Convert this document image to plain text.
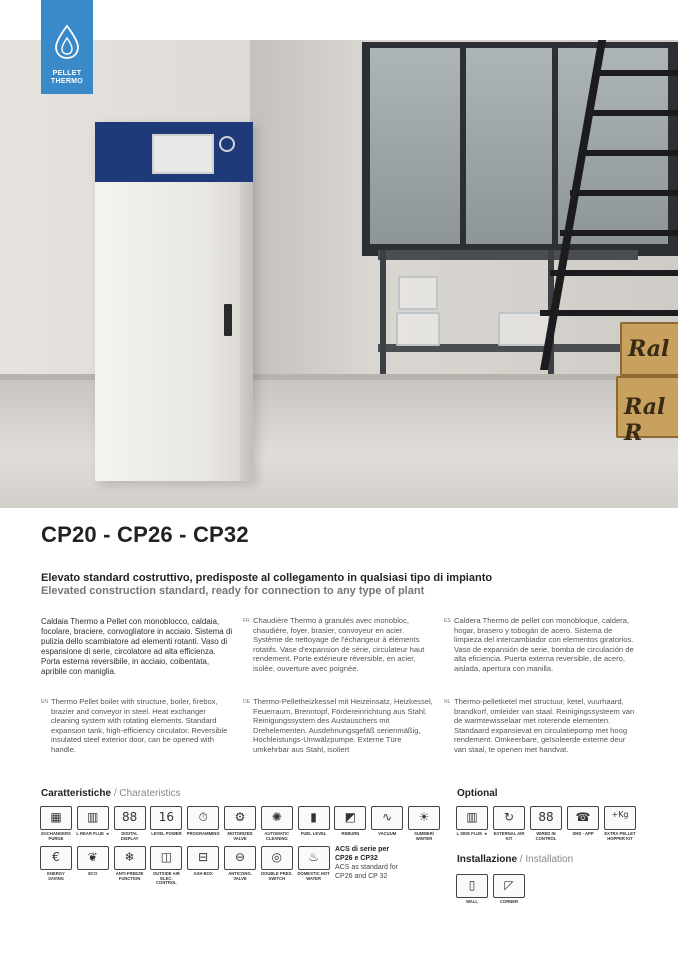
Ral
Ral R
PELLET
THERMO
CP20 - CP26 - CP32
Elevato standard costruttivo, predisposte al collegamento in qualsiasi tipo di impianto
Elevated construction standard, ready for connection to any type of plant
Caldaia Thermo a Pellet con monoblocco, caldaia, focolare, braciere, convogliatore in acciaio. Sistema di pulizia dello scambiatore ad elementi rotanti. Vaso di espansione di serie, circolatore ad alta efficienza. Porta esterna reversibile, in acciaio, coibentata, apribile con maniglia.
EN Thermo Pellet boiler with structure, boiler, firebox, brazier and conveyor in steel. Heat exchanger cleaning system with rotating elements. Standard expansion tank, high-efficiency circulator. Reversible insulated steel exterior door, can be opened with handle.
FR Chaudière Thermo à granulés avec monobloc, chaudière, foyer, brasier, convoyeur en acier. Système de nettoyage de l'échangeur à éléments rotatifs. Vase d'expansion de série, circulateur haut rendement. Porte extérieure réversible, en acier, isolée, ouverture avec poignée.
DE Thermo-Pelletheizkessel mit Heizeinsatz, Heizkessel, Feuerraum, Brenntopf, Fördereinrichtung aus Stahl. Reinigungssystem des Austauschers mit Drehelementen. Ausdehnungsgefäß serienmäßig, Hochleistungs-Umwälzpumpe. Externe Türe umkehrbar aus Stahl, isoliert
ES Caldera Thermo de pellet con monobloque, caldera, hogar, brasero y tobogán de acero. Sistema de limpieza del intercambiador con elementos giratorios. Vaso de expansión de serie, bomba de circulación de alta eficiencia. Puerta externa reversible, de acero, aislada, apertura con manilla.
NL Thermo-pelletketel met structuur, ketel, vuurhaard, brandkorf, omleider van staal. Reinigingssysteem van de warmtewisselaar met roterende elementen. Standaard expansievat en circulatiepomp met hoog rendement. Omkeerbare, geïsoleerde externe deur van staal, te openen met handvat.
Caratteristiche / Charateristics
▦
EXCHANGERS PURGE
▥
L REAR FLUE ◄
88
DIGITAL DISPLAY
16
LEVEL POWER
⏱
PROGRAMMING
⚙
MOTORIZED VALVE
✺
AUTOMATIC CLEANING
▮
FUEL LEVEL
◩
REBURN
∿
VACUUM
☀
SUMMER/ WINTER
€
ENERGY SAVING
❦
ECO
❄
ANTI-FREEZE FUNCTION
◫
OUTSIDE AIR ELEC. CONTROL
⊟
ASH BOX
⊖
ANTICONG. VALVE
◎
DOUBLE PRES. SWITCH
♨
DOMESTIC HOT WATER
ACS di serie per
CP26 e CP32
ACS as standard for
CP26 and CP 32
Optional
▥
L SIDE FLUE ◄
↻
EXTERNAL AIR KIT
88
WIRED IN CONTROL
☎
SMS - APP
+Kg
EXTRA PELLET HOPPER KIT
Installazione / Installation
▯
WALL
◸
CORNER
